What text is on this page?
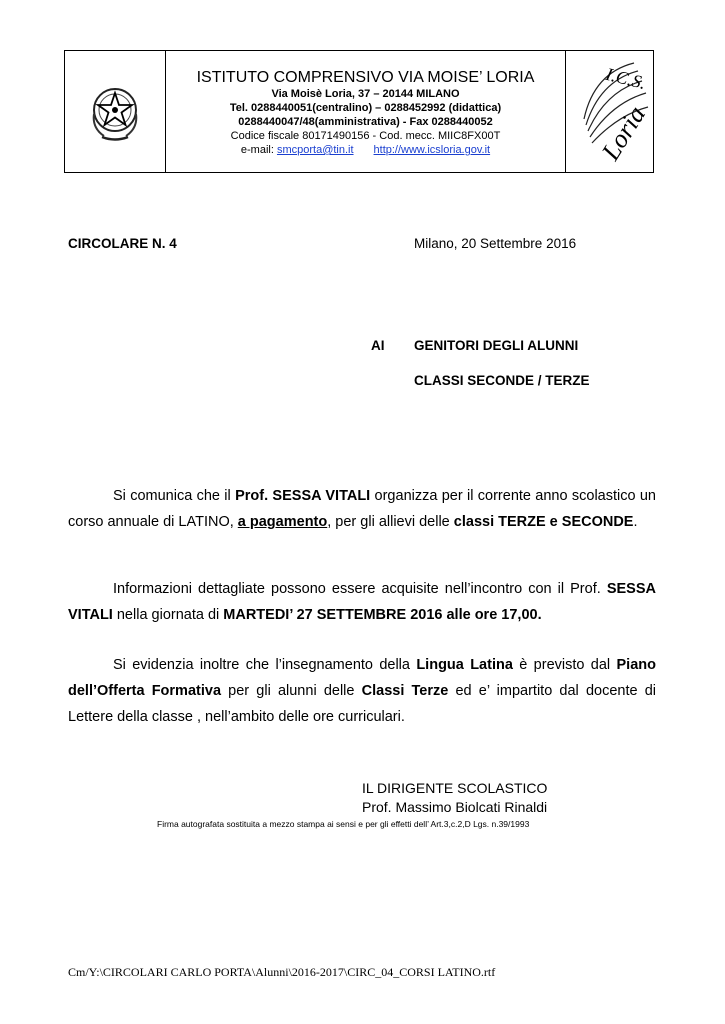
ISTITUTO COMPRENSIVO VIA MOISE’ LORIA
Via Moisè Loria, 37 – 20144 MILANO
Tel. 0288440051(centralino) – 0288452992 (didattica)
0288440047/48(amministrativa) - Fax 0288440052
Codice fiscale 80171490156 - Cod. mecc. MIIC8FX00T
e-mail: smcporta@tin.it http://www.icsloria.gov.it
I.C.S.
Loria
CIRCOLARE N. 4	Milano, 20 Settembre 2016
AI GENITORI DEGLI ALUNNI
CLASSI SECONDE / TERZE
Si comunica che il Prof. SESSA VITALI organizza per il corrente anno scolastico un corso annuale di LATINO, a pagamento, per gli allievi delle classi TERZE e SECONDE.
Informazioni dettagliate possono essere acquisite nell’incontro con il Prof. SESSA VITALI nella giornata di MARTEDI’ 27 SETTEMBRE 2016 alle ore 17,00.
Si evidenzia inoltre che l’insegnamento della Lingua Latina è previsto dal Piano dell’Offerta Formativa per gli alunni delle Classi Terze ed e’ impartito dal docente di Lettere della classe , nell’ambito delle ore curriculari.
IL DIRIGENTE SCOLASTICO
Prof. Massimo Biolcati Rinaldi
Firma autografata sostituita a mezzo stampa ai sensi e per gli effetti dell’ Art.3,c.2,D Lgs. n.39/1993
Cm/Y:\CIRCOLARI CARLO PORTA\Alunni\2016-2017\CIRC_04_CORSI LATINO.rtf
